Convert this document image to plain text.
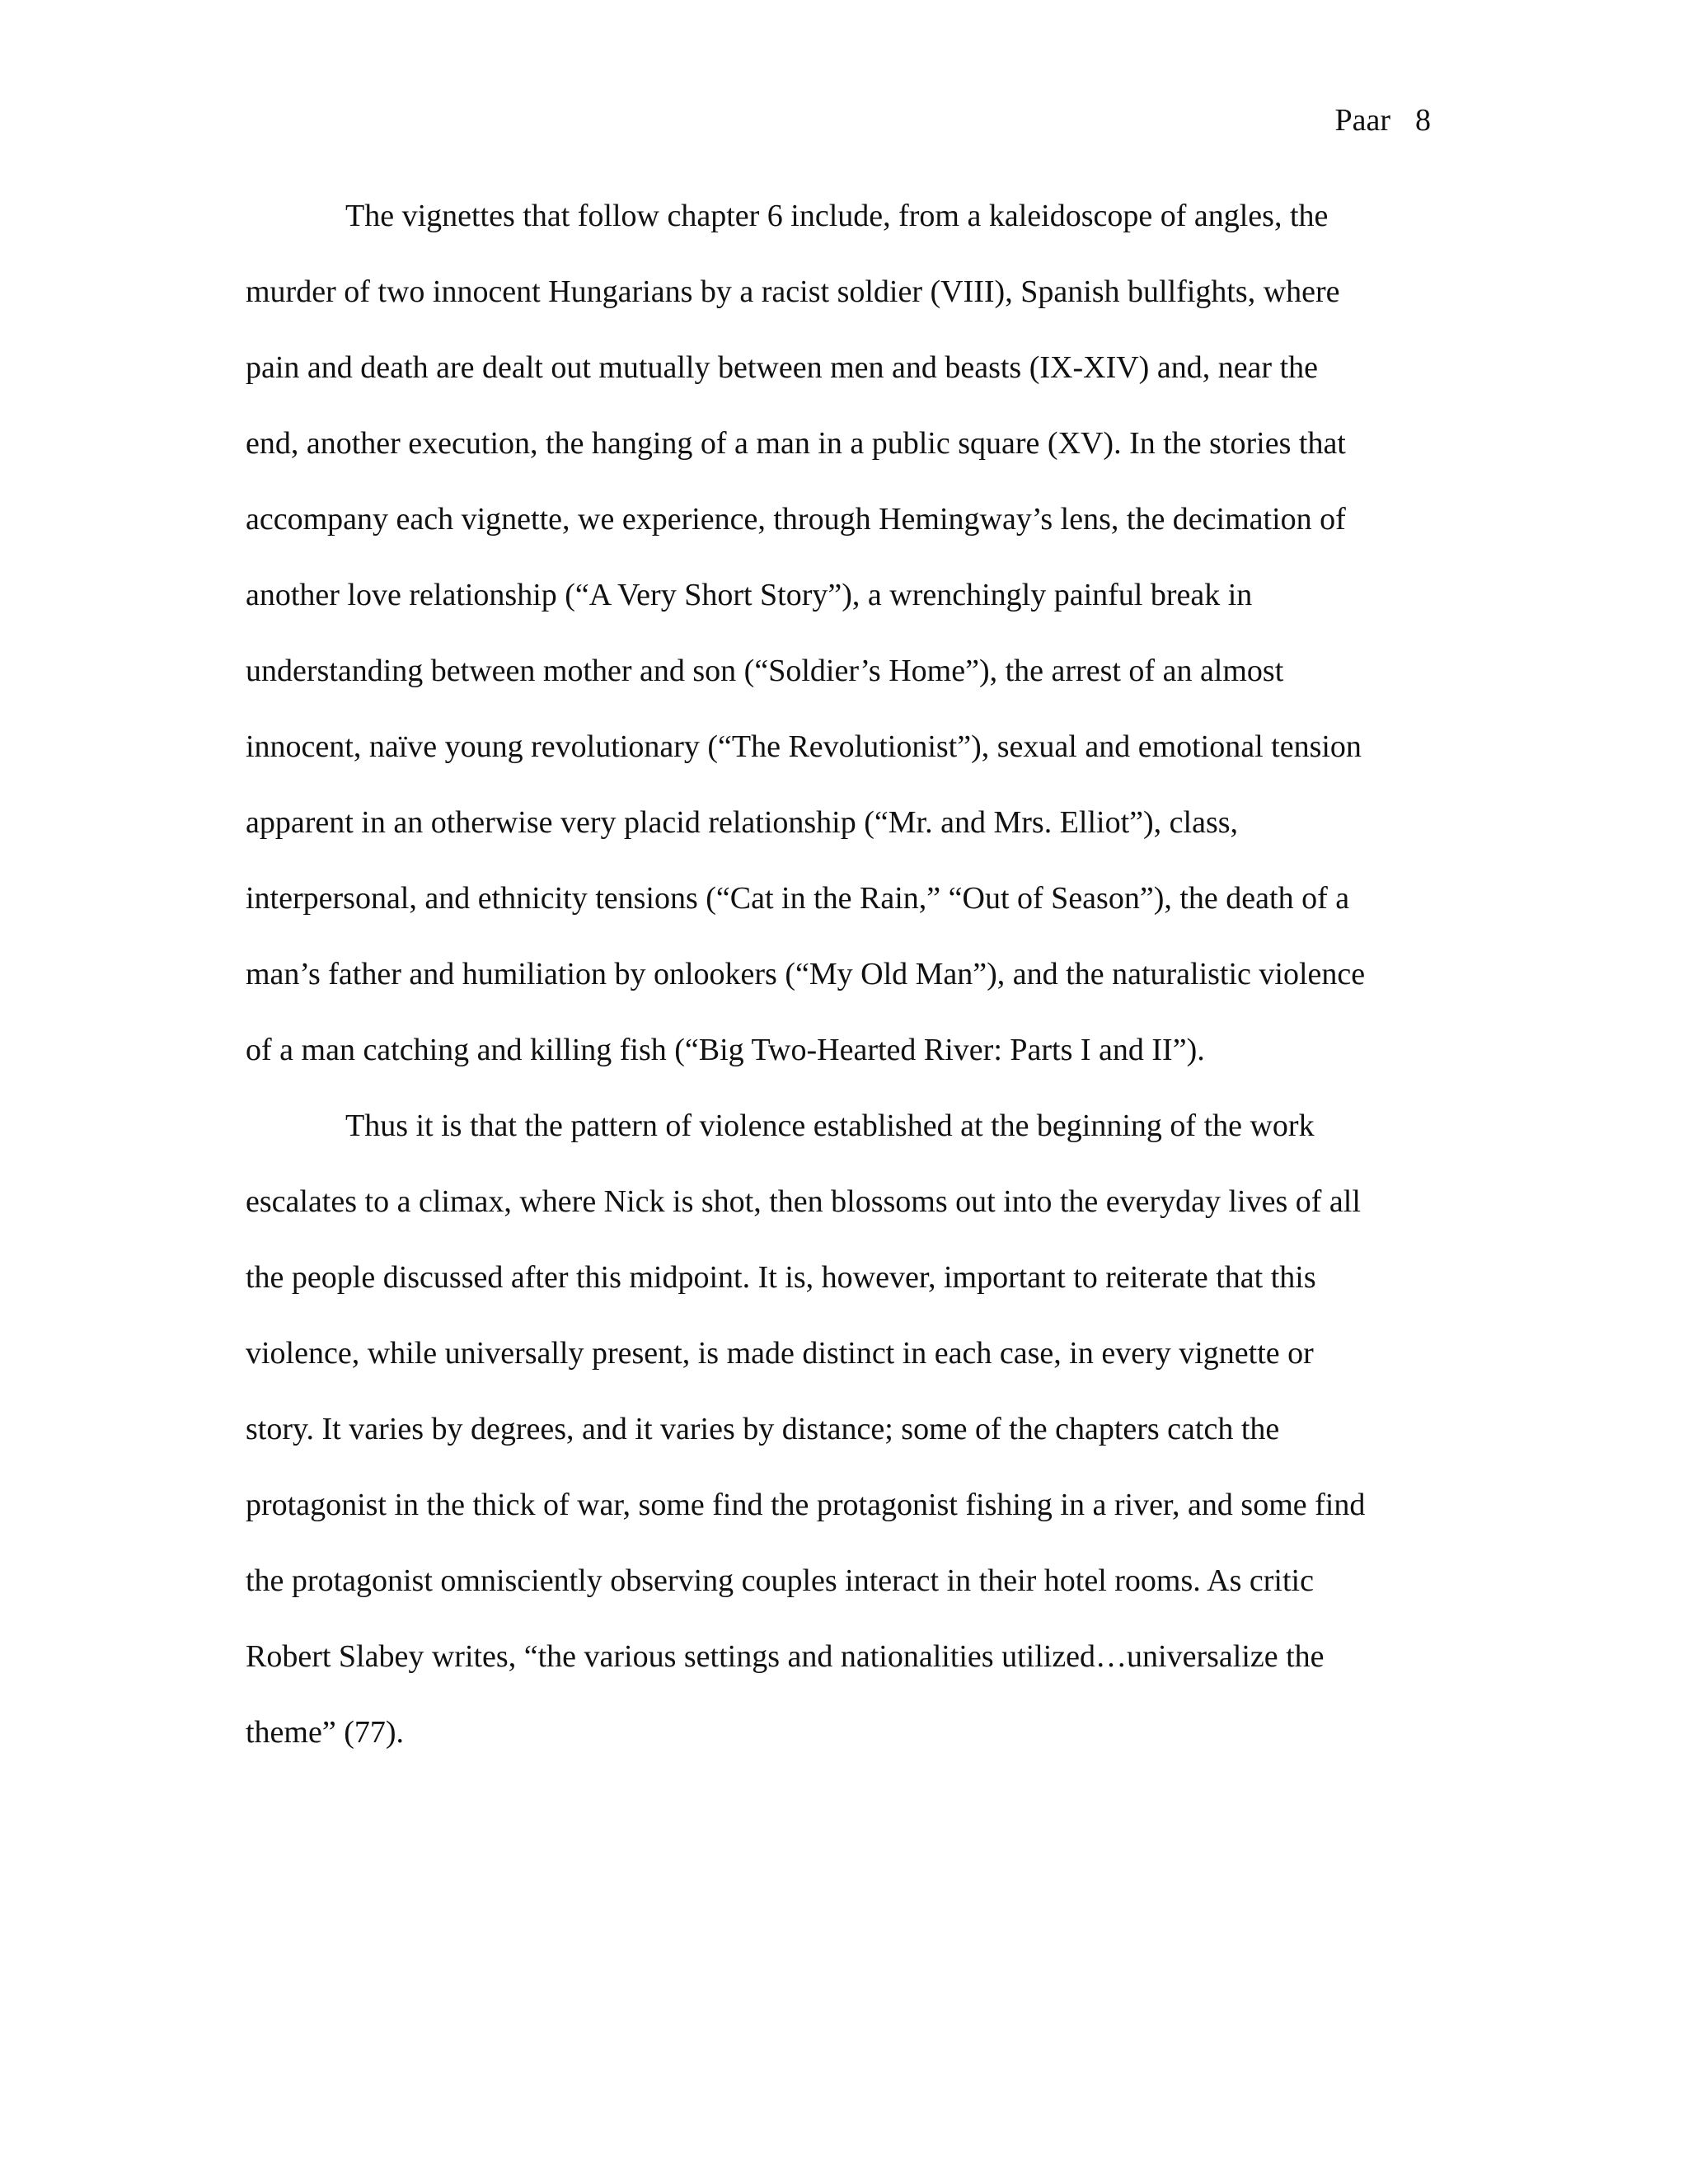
Paar 8
The vignettes that follow chapter 6 include, from a kaleidoscope of angles, the
murder of two innocent Hungarians by a racist soldier (VIII), Spanish bullfights, where
pain and death are dealt out mutually between men and beasts (IX-XIV) and, near the
end, another execution, the hanging of a man in a public square (XV). In the stories that
accompany each vignette, we experience, through Hemingway’s lens, the decimation of
another love relationship (“A Very Short Story”), a wrenchingly painful break in
understanding between mother and son (“Soldier’s Home”), the arrest of an almost
innocent, naïve young revolutionary (“The Revolutionist”), sexual and emotional tension
apparent in an otherwise very placid relationship (“Mr. and Mrs. Elliot”), class,
interpersonal, and ethnicity tensions (“Cat in the Rain,” “Out of Season”), the death of a
man’s father and humiliation by onlookers (“My Old Man”), and the naturalistic violence
of a man catching and killing fish (“Big Two-Hearted River: Parts I and II”).
Thus it is that the pattern of violence established at the beginning of the work
escalates to a climax, where Nick is shot, then blossoms out into the everyday lives of all
the people discussed after this midpoint. It is, however, important to reiterate that this
violence, while universally present, is made distinct in each case, in every vignette or
story. It varies by degrees, and it varies by distance; some of the chapters catch the
protagonist in the thick of war, some find the protagonist fishing in a river, and some find
the protagonist omnisciently observing couples interact in their hotel rooms. As critic
Robert Slabey writes, “the various settings and nationalities utilized…universalize the
theme” (77).
